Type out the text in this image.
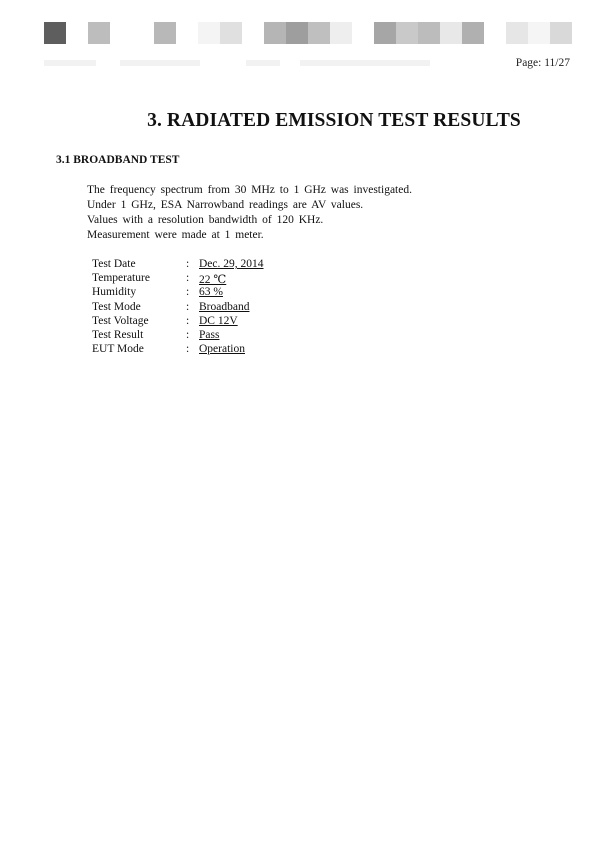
Page: 11/27
3. RADIATED EMISSION TEST RESULTS
3.1 BROADBAND TEST
The frequency spectrum from 30 MHz to 1 GHz was investigated.
Under 1 GHz, ESA Narrowband readings are AV values.
Values with a resolution bandwidth of 120 KHz.
Measurement were made at 1 meter.
Test Date	: Dec. 29, 2014
Temperature	: 22 ℃
Humidity	: 63 %
Test Mode	: Broadband
Test Voltage	: DC 12V
Test Result	: Pass
EUT Mode	: Operation
